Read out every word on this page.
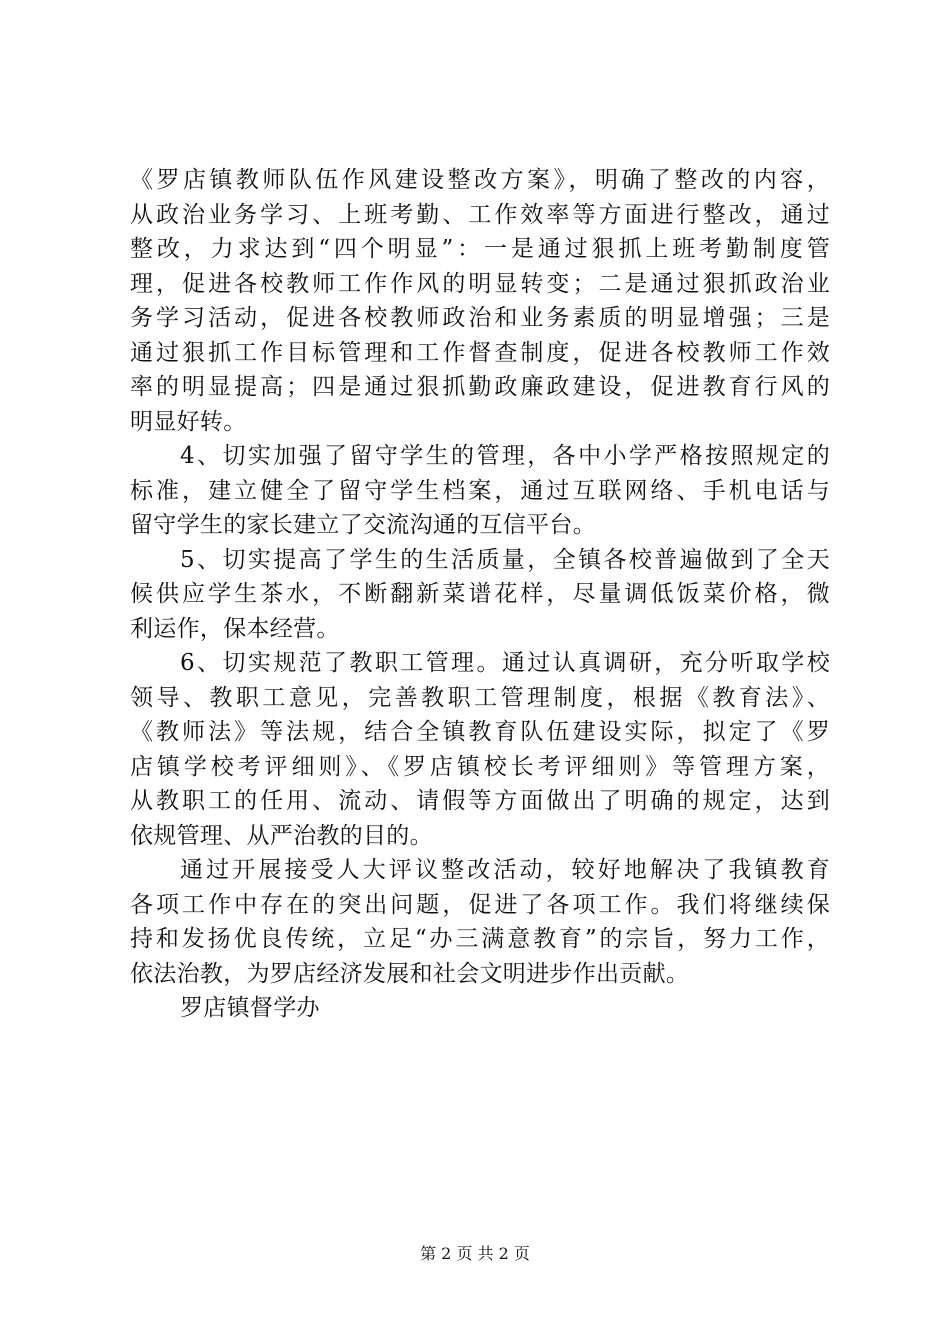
《罗店镇教师队伍作风建设整改方案》，明确了整改的内容，
从政治业务学习、上班考勤、工作效率等方面进行整改，通过
整改，力求达到“四个明显”：一是通过狠抓上班考勤制度管
理，促进各校教师工作作风的明显转变；二是通过狠抓政治业
务学习活动，促进各校教师政治和业务素质的明显增强；三是
通过狠抓工作目标管理和工作督查制度，促进各校教师工作效
率的明显提高；四是通过狠抓勤政廉政建设，促进教育行风的
明显好转。
4、切实加强了留守学生的管理，各中小学严格按照规定的
标准，建立健全了留守学生档案，通过互联网络、手机电话与
留守学生的家长建立了交流沟通的互信平台。
5、切实提高了学生的生活质量，全镇各校普遍做到了全天
候供应学生茶水，不断翻新菜谱花样，尽量调低饭菜价格，微
利运作，保本经营。
6、切实规范了教职工管理。通过认真调研，充分听取学校
领导、教职工意见，完善教职工管理制度，根据《教育法》、
《教师法》等法规，结合全镇教育队伍建设实际，拟定了《罗
店镇学校考评细则》、《罗店镇校长考评细则》等管理方案，
从教职工的任用、流动、请假等方面做出了明确的规定，达到
依规管理、从严治教的目的。
通过开展接受人大评议整改活动，较好地解决了我镇教育
各项工作中存在的突出问题，促进了各项工作。我们将继续保
持和发扬优良传统，立足“办三满意教育”的宗旨，努力工作，
依法治教，为罗店经济发展和社会文明进步作出贡献。
罗店镇督学办
第 2 页 共 2 页
